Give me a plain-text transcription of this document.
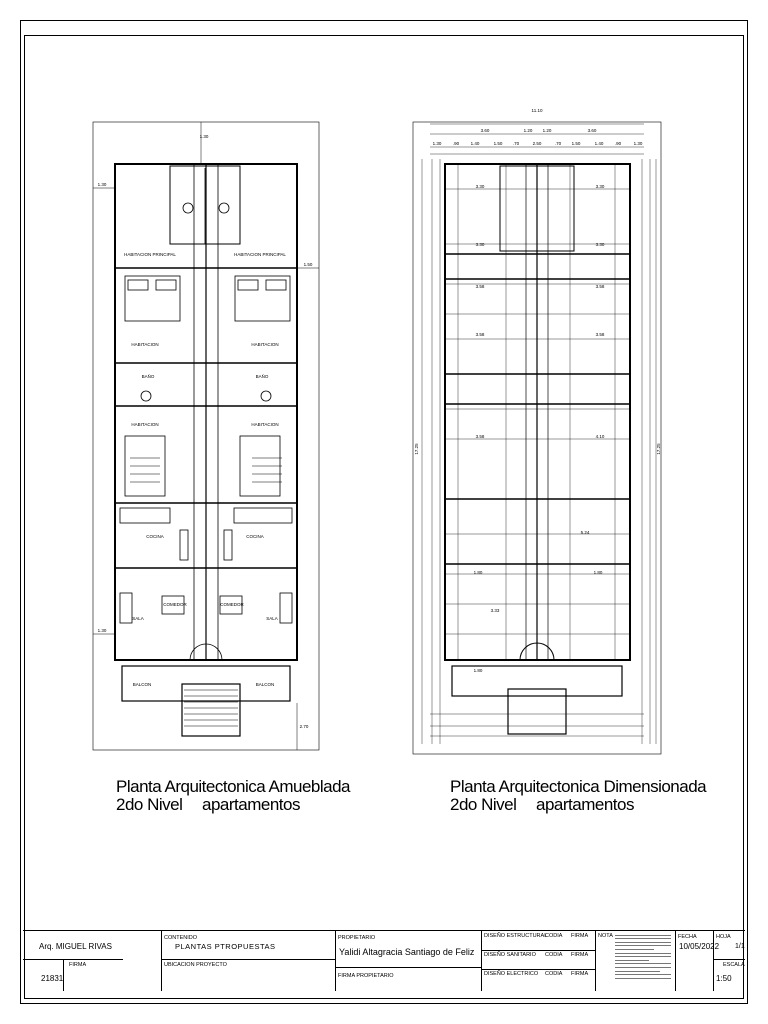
1.30
1.30
1.50
1.30
2.70
HABITACION PRINCIPAL	HABITACION PRINCIPAL
HABITACION	HABITACION
BAÑO	BAÑO
HABITACION	HABITACION
COCINA	COCINA
COMEDOR	COMEDOR
SALA	SALA
BALCON	BALCON
11.10
3.60	1.20 1.20	3.60
1.30	.90	1.40	1.50 .70	2.50	.70 1.50	1.40	.90	1.30
3.30	3.30
3.30	3.30
3.58	3.58
3.58	3.58
3.58	4.10
3.33
5.24
1.80	1.80
1.80
17.25	17.25
Planta Arquitectonica Amueblada
2do Nivel apartamentos
Planta Arquitectonica Dimensionada
2do Nivel apartamentos
Arq. MIGUEL RIVAS
FIRMA
21831
CONTENIDO
PLANTAS PTROPUESTAS
UBICACION PROYECTO
PROPIETARIO
Yalidi Altagracia Santiago de Feliz
FIRMA PROPIETARIO
DISEÑO ESTRUCTURAL
CODIA FIRMA
DISEÑO SANITARIO CODIA FIRMA
DISEÑO ELECTRICO CODIA FIRMA
NOTA	FECHA
10/05/2022
HOJA
1/1
ESCALA
1:50
